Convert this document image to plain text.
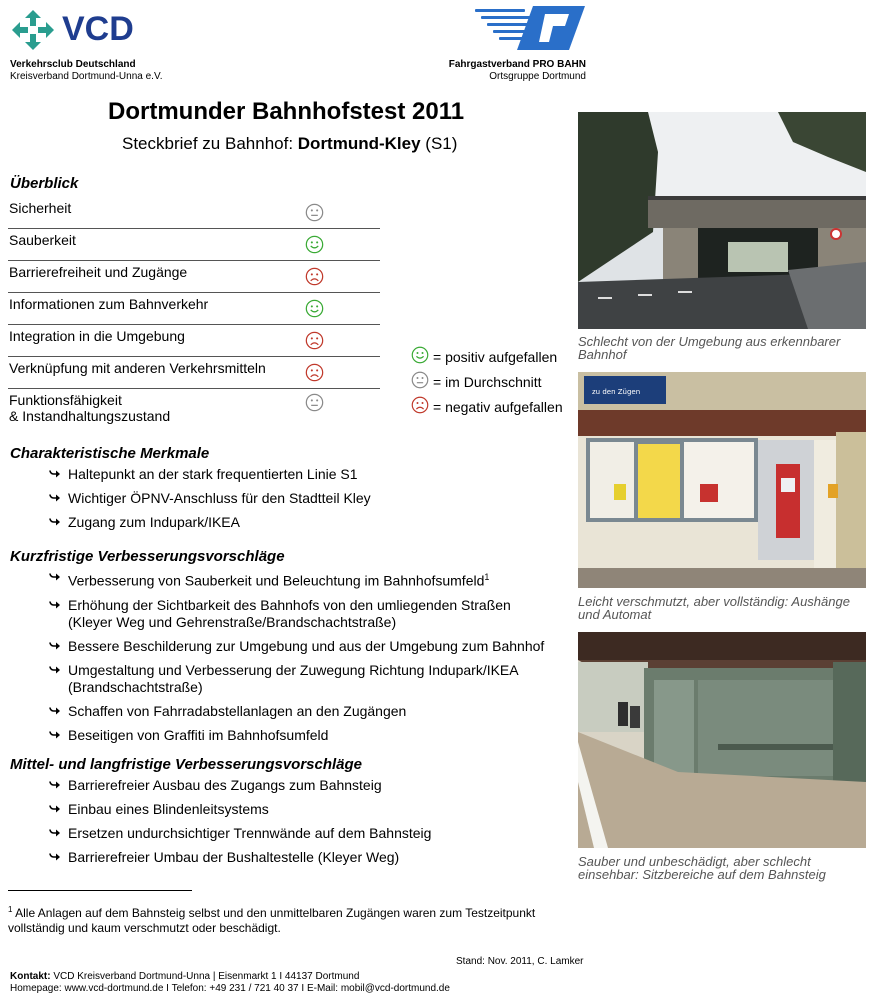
VCD
Verkehrsclub Deutschland
Kreisverband Dortmund-Unna e.V.
Fahrgastverband PRO BAHN
Ortsgruppe Dortmund
Dortmunder Bahnhofstest 2011
Steckbrief zu Bahnhof: Dortmund-Kley (S1)
Überblick
Sicherheit
Sauberkeit
Barrierefreiheit und Zugänge
Informationen zum Bahnverkehr
Integration in die Umgebung
Verknüpfung mit anderen Verkehrsmitteln
Funktionsfähigkeit
& Instandhaltungszustand
= positiv aufgefallen
= im Durchschnitt
= negativ aufgefallen
Charakteristische Merkmale
Haltepunkt an der stark frequentierten Linie S1
Wichtiger ÖPNV-Anschluss für den Stadtteil Kley
Zugang zum Indupark/IKEA
Kurzfristige Verbesserungsvorschläge
Verbesserung von Sauberkeit und Beleuchtung im Bahnhofsumfeld$^1$
Erhöhung der Sichtbarkeit des Bahnhofs von den umliegenden Straßen (Kleyer Weg und Gehrenstraße/Brandschachtstraße)
Bessere Beschilderung zur Umgebung und aus der Umgebung zum Bahnhof
Umgestaltung und Verbesserung der Zuwegung Richtung Indupark/IKEA (Brandschachtstraße)
Schaffen von Fahrradabstellanlagen an den Zugängen
Beseitigen von Graffiti im Bahnhofsumfeld
Mittel- und langfristige Verbesserungsvorschläge
Barrierefreier Ausbau des Zugangs zum Bahnsteig
Einbau eines Blindenleitsystems
Ersetzen undurchsichtiger Trennwände auf dem Bahnsteig
Barrierefreier Umbau der Bushaltestelle (Kleyer Weg)
Schlecht von der Umgebung aus erkennbarer Bahnhof
zu den Zügen
Leicht verschmutzt, aber vollständig: Aushänge und Automat
Sauber und unbeschädigt, aber schlecht einsehbar: Sitzbereiche auf dem Bahnsteig
$^1$ Alle Anlagen auf dem Bahnsteig selbst und den unmittelbaren Zugängen waren zum Testzeitpunkt vollständig und kaum verschmutzt oder beschädigt.
Stand: Nov. 2011, C. Lamker
Kontakt: VCD Kreisverband Dortmund-Unna | Eisenmarkt 1 I 44137 Dortmund
Homepage: www.vcd-dortmund.de I Telefon: +49 231 / 721 40 37 I E-Mail: mobil@vcd-dortmund.de
